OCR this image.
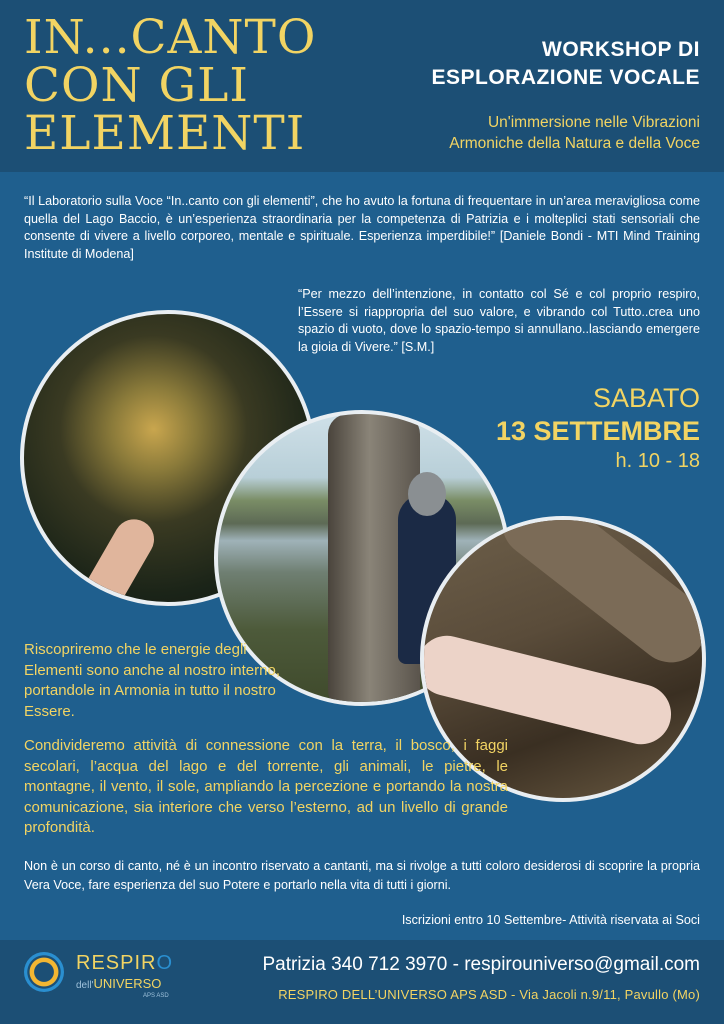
IN...CANTO
CON GLI
ELEMENTI
WORKSHOP DI
ESPLORAZIONE VOCALE
Un'immersione nelle Vibrazioni
Armoniche della Natura e della Voce
“Il Laboratorio sulla Voce “In..canto con gli elementi”, che ho avuto la fortuna di frequentare in un’area meravigliosa come quella del Lago Baccio, è un’esperienza straordinaria per la competenza di Patrizia e i molteplici stati sensoriali che consente di vivere a livello corporeo, mentale e spirituale. Esperienza imperdibile!” [Daniele Bondi - MTI Mind Training Institute di Modena]
“Per mezzo dell’intenzione, in contatto col Sé e col proprio respiro, l’Essere si riappropria del suo valore, e vibrando col Tutto..crea uno spazio di vuoto, dove lo spazio-tempo si annullano..lasciando emergere la gioia di Vivere.” [S.M.]
SABATO
13 SETTEMBRE
h. 10 - 18
Riscopriremo che le energie degli Elementi sono anche al nostro interno, portandole in Armonia in tutto il nostro Essere.
Condivideremo attività di connessione con la terra, il bosco, i faggi secolari, l’acqua del lago e del torrente, gli animali, le pietre, le montagne, il vento, il sole, ampliando la percezione e portando la nostra comunicazione, sia interiore che verso l’esterno, ad un livello di grande profondità.
Non è un corso di canto, né è un incontro riservato a cantanti, ma si rivolge a tutti coloro desiderosi di scoprire la propria Vera Voce, fare esperienza del suo Potere e portarlo nella vita di tutti i giorni.
Iscrizioni entro 10 Settembre- Attività riservata ai Soci
RESPIRO
dell'UNIVERSO
APS ASD
Patrizia 340 712 3970 - respirouniverso@gmail.com
RESPIRO DELL’UNIVERSO APS ASD - Via Jacoli n.9/11, Pavullo (Mo)
